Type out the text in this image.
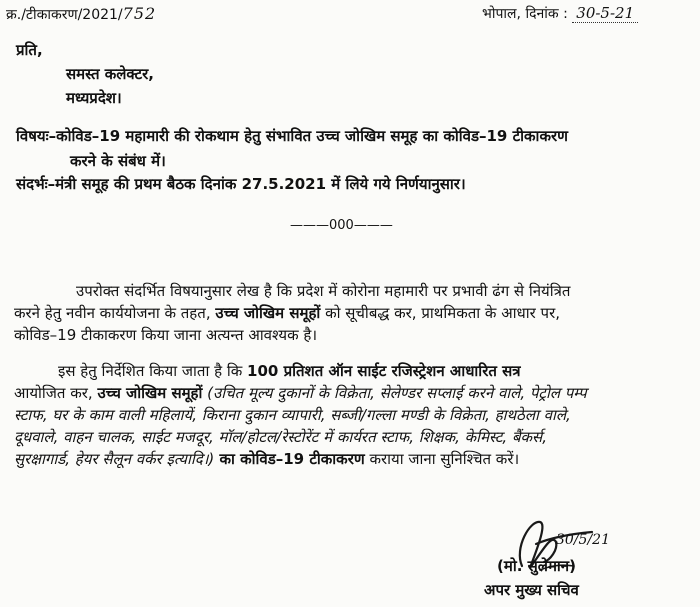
क्र./टीकाकरण/2021/752	भोपाल, दिनांक : 30-5-21
प्रति,
समस्त कलेक्टर,
मध्यप्रदेश।
विषयः–कोविड–19 महामारी की रोकथाम हेतु संभावित उच्च जोखिम समूह का कोविड–19 टीकाकरण
करने के संबंध में।
संदर्भः–मंत्री समूह की प्रथम बैठक दिनांक 27.5.2021 में लिये गये निर्णयानुसार।
———000———
उपरोक्त संदर्भित विषयानुसार लेख है कि प्रदेश में कोरोना महामारी पर प्रभावी ढंग से नियंत्रित
करने हेतु नवीन कार्ययोजना के तहत, उच्च जोखिम समूहों को सूचीबद्ध कर, प्राथमिकता के आधार पर,
कोविड–19 टीकाकरण किया जाना अत्यन्त आवश्यक है।
इस हेतु निर्देशित किया जाता है कि 100 प्रतिशत ऑन साईट रजिस्ट्रेशन आधारित सत्र
आयोजित कर, उच्च जोखिम समूहों (उचित मूल्य दुकानों के विक्रेता, सेलेण्डर सप्लाई करने वाले, पेट्रोल पम्प
स्टाफ, घर के काम वाली महिलायें, किराना दुकान व्यापारी, सब्जी/गल्ला मण्डी के विक्रेता, हाथठेला वाले,
दूधवाले, वाहन चालक, साईट मजदूर, मॉल/होटल/रेस्टोरेंट में कार्यरत स्टाफ, शिक्षक, केमिस्ट, बैंकर्स,
सुरक्षागार्ड, हेयर सैलून वर्कर इत्यादि।) का कोविड–19 टीकाकरण कराया जाना सुनिश्चित करें।
30/5/21
(मो. सुलेमान)
अपर मुख्य सचिव
